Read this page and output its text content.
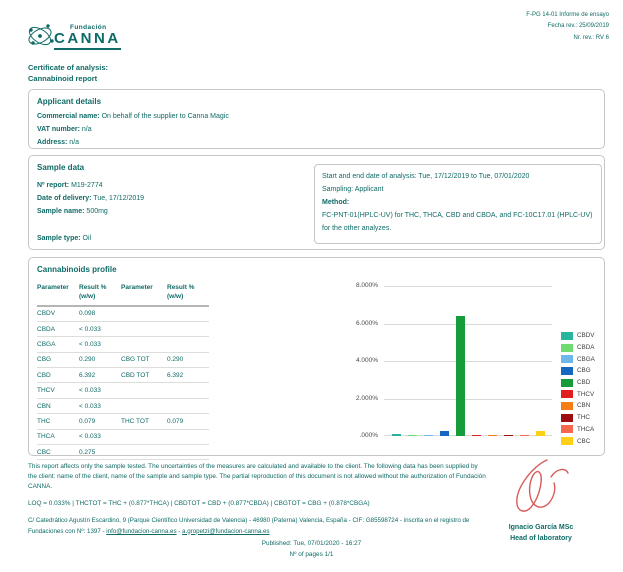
Fundación
CANNA
F-PG 14-01 Informe de ensayo
Fecha rev.: 25/09/2019
Nr. rev.: RV 6
Certificate of analysis:
Cannabinoid report
Applicant details
Commercial name: On behalf of the supplier to Canna Magic
VAT number: n/a
Address: n/a
Sample data
Nº report: M19-2774
Date of delivery: Tue, 17/12/2019
Sample name: 500mg
Sample type: Oil
Start and end date of analysis: Tue, 17/12/2019 to Tue, 07/01/2020
Sampling: Applicant
Method:
FC-PNT-01(HPLC-UV) for THC, THCA, CBD and CBDA, and FC-10C17.01 (HPLC-UV) for the other analyzes.
Cannabinoids profile
Parameter	Result %
(w/w)
Parameter	Result %
(w/w)
CBDV	0.098
CBDA	< 0.033
CBGA	< 0.033
CBG	0.290	CBG TOT	0.290
CBD	6.392	CBD TOT	6.392
THCV	< 0.033
CBN	< 0.033
THC	0.079	THC TOT	0.079
THCA	< 0.033
CBC	0.275
8.000%
6.000%
4.000%
2.000%
.000%
CBDV
CBDA
CBGA
CBG
CBD
THCV
CBN
THC
THCA
CBC
This report affects only the sample tested. The uncertainties of the measures are calculated and available to the client. The following data has been supplied by the client: name of the client, name of the sample and sample type. The partial reproduction of this document is not allowed without the authorization of Fundación CANNA.
LOQ = 0.033% | THCTOT = THC + (0.877*THCA) | CBDTOT = CBD + (0.877*CBDA) | CBGTOT = CBG + (0.878*CBGA)
C/ Catedrático Agustín Escardino, 9 (Parque Científico Universidad de Valencia) - 46980 (Paterna) Valencia, España - CIF: G85598724 - inscrita en el registro de Fundaciones con Nº: 1397 - info@fundacion-canna.es - a.gropetzi@fundacion-canna.es
Published: Tue, 07/01/2020 - 16:27
Nº of pages 1/1
Ignacio García MSc
Head of laboratory
